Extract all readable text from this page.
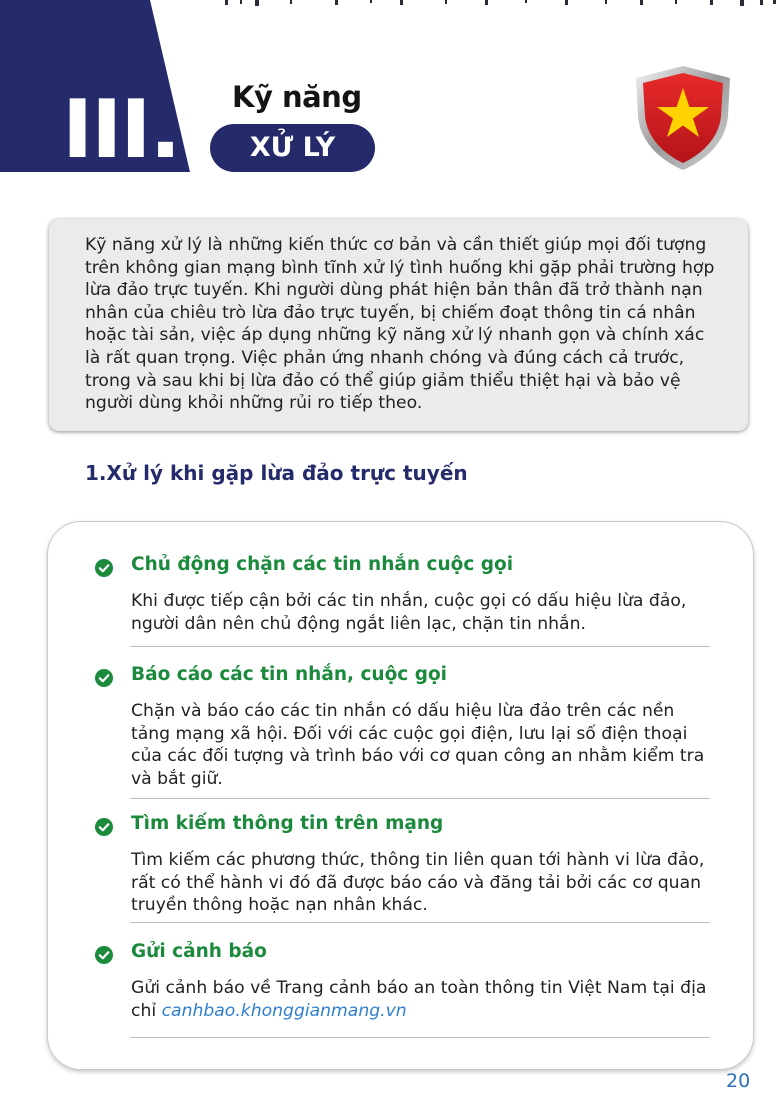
III.	Kỹ năng
XỬ LÝ
Kỹ năng xử lý là những kiến thức cơ bản và cần thiết giúp mọi đối tượng trên không gian mạng bình tĩnh xử lý tình huống khi gặp phải trường hợp lừa đảo trực tuyến. Khi người dùng phát hiện bản thân đã trở thành nạn nhân của chiêu trò lừa đảo trực tuyến, bị chiếm đoạt thông tin cá nhân hoặc tài sản, việc áp dụng những kỹ năng xử lý nhanh gọn và chính xác là rất quan trọng. Việc phản ứng nhanh chóng và đúng cách cả trước, trong và sau khi bị lừa đảo có thể giúp giảm thiểu thiệt hại và bảo vệ người dùng khỏi những rủi ro tiếp theo.
1.Xử lý khi gặp lừa đảo trực tuyến
Chủ động chặn các tin nhắn cuộc gọi
Khi được tiếp cận bởi các tin nhắn, cuộc gọi có dấu hiệu lừa đảo, người dân nên chủ động ngắt liên lạc, chặn tin nhắn.
Báo cáo các tin nhắn, cuộc gọi
Chặn và báo cáo các tin nhắn có dấu hiệu lừa đảo trên các nền tảng mạng xã hội. Đối với các cuộc gọi điện, lưu lại số điện thoại của các đối tượng và trình báo với cơ quan công an nhằm kiểm tra và bắt giữ.
Tìm kiếm thông tin trên mạng
Tìm kiếm các phương thức, thông tin liên quan tới hành vi lừa đảo, rất có thể hành vi đó đã được báo cáo và đăng tải bởi các cơ quan truyền thông hoặc nạn nhân khác.
Gửi cảnh báo
Gửi cảnh báo về Trang cảnh báo an toàn thông tin Việt Nam tại địa chỉ canhbao.khonggianmang.vn
20
